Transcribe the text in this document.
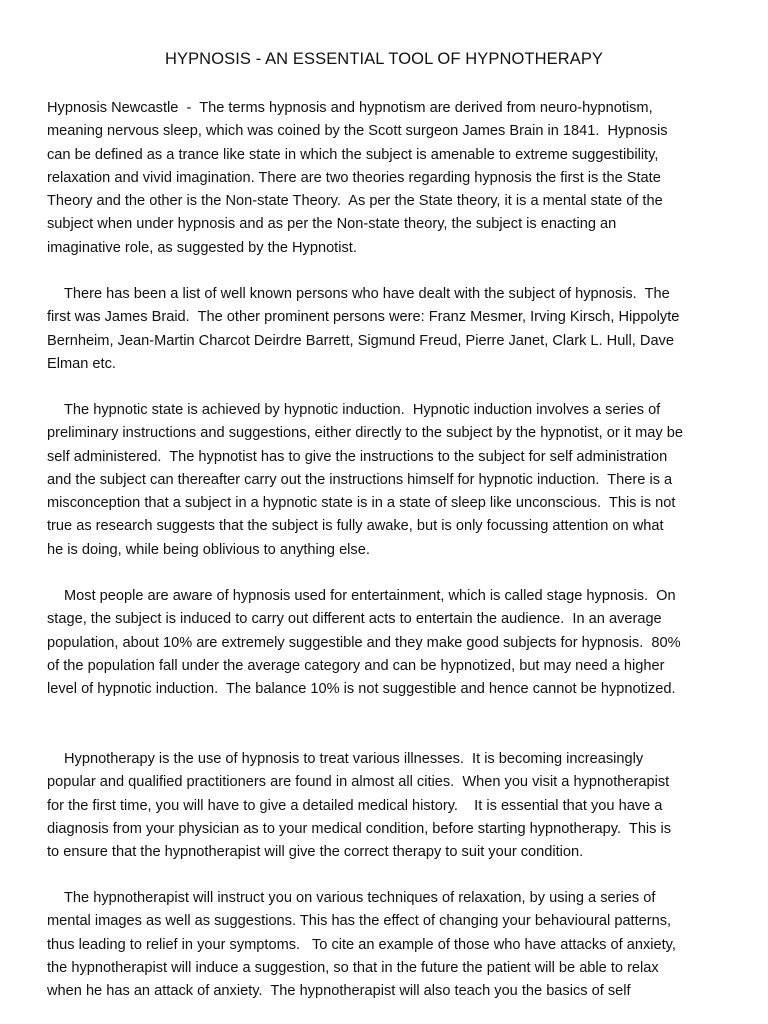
HYPNOSIS - AN ESSENTIAL TOOL OF HYPNOTHERAPY

Hypnosis Newcastle  -  The terms hypnosis and hypnotism are derived from neuro-hypnotism,
meaning nervous sleep, which was coined by the Scott surgeon James Brain in 1841.  Hypnosis
can be defined as a trance like state in which the subject is amenable to extreme suggestibility,
relaxation and vivid imagination. There are two theories regarding hypnosis the first is the State
Theory and the other is the Non-state Theory.  As per the State theory, it is a mental state of the
subject when under hypnosis and as per the Non-state theory, the subject is enacting an
imaginative role, as suggested by the Hypnotist.

There has been a list of well known persons who have dealt with the subject of hypnosis.  The
first was James Braid.  The other prominent persons were: Franz Mesmer, Irving Kirsch, Hippolyte
Bernheim, Jean-Martin Charcot Deirdre Barrett, Sigmund Freud, Pierre Janet, Clark L. Hull, Dave
Elman etc.

The hypnotic state is achieved by hypnotic induction.  Hypnotic induction involves a series of
preliminary instructions and suggestions, either directly to the subject by the hypnotist, or it may be
self administered.  The hypnotist has to give the instructions to the subject for self administration
and the subject can thereafter carry out the instructions himself for hypnotic induction.  There is a
misconception that a subject in a hypnotic state is in a state of sleep like unconscious.  This is not
true as research suggests that the subject is fully awake, but is only focussing attention on what
he is doing, while being oblivious to anything else.

Most people are aware of hypnosis used for entertainment, which is called stage hypnosis.  On
stage, the subject is induced to carry out different acts to entertain the audience.  In an average
population, about 10% are extremely suggestible and they make good subjects for hypnosis.  80%
of the population fall under the average category and can be hypnotized, but may need a higher
level of hypnotic induction.  The balance 10% is not suggestible and hence cannot be hypnotized.

Hypnotherapy is the use of hypnosis to treat various illnesses.  It is becoming increasingly
popular and qualified practitioners are found in almost all cities.  When you visit a hypnotherapist
for the first time, you will have to give a detailed medical history.    It is essential that you have a
diagnosis from your physician as to your medical condition, before starting hypnotherapy.  This is
to ensure that the hypnotherapist will give the correct therapy to suit your condition.

The hypnotherapist will instruct you on various techniques of relaxation, by using a series of
mental images as well as suggestions. This has the effect of changing your behavioural patterns,
thus leading to relief in your symptoms.   To cite an example of those who have attacks of anxiety,
the hypnotherapist will induce a suggestion, so that in the future the patient will be able to relax
when he has an attack of anxiety.  The hypnotherapist will also teach you the basics of self
